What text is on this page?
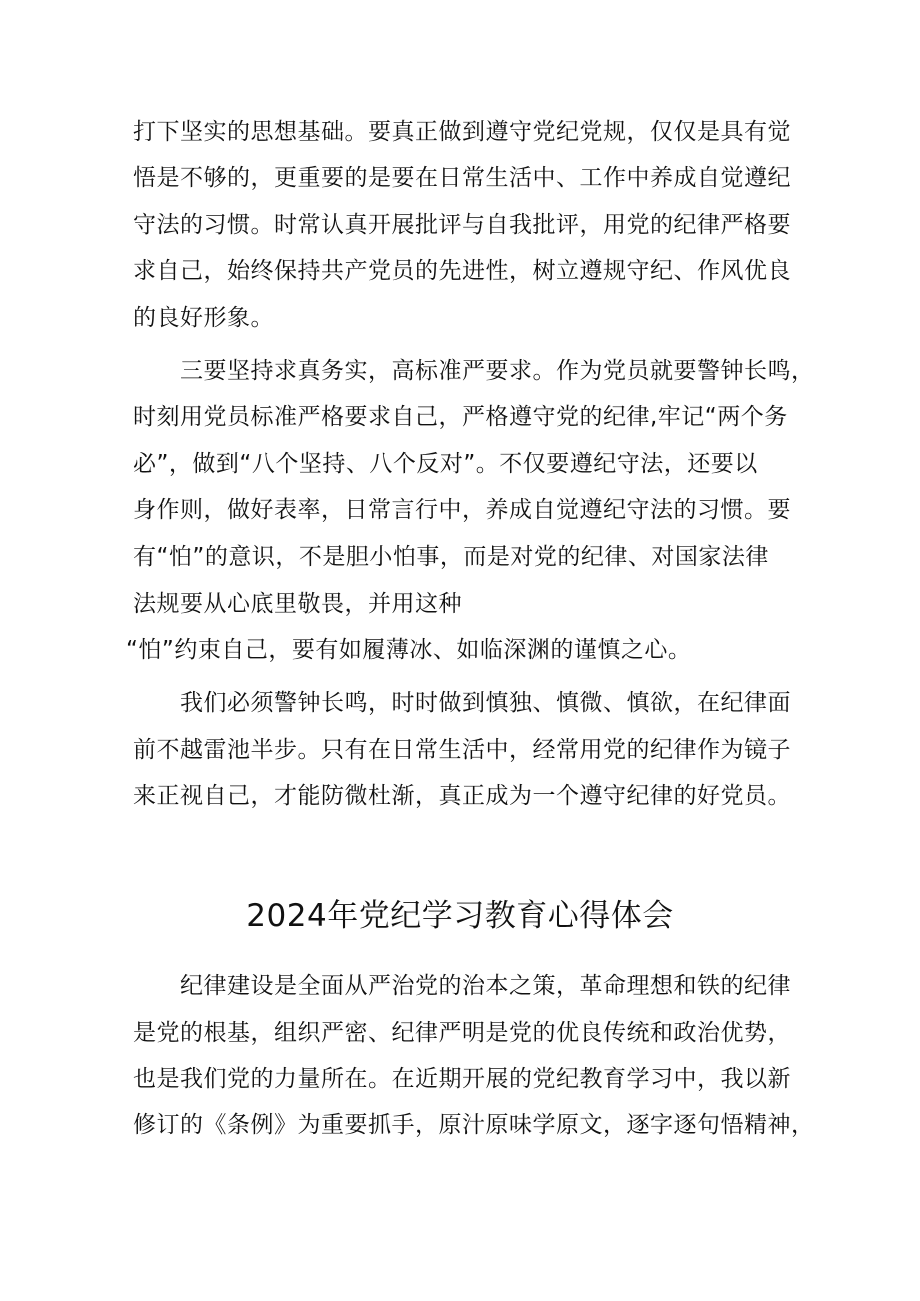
打下坚实的思想基础。要真正做到遵守党纪党规，仅仅是具有觉
悟是不够的，更重要的是要在日常生活中、工作中养成自觉遵纪
守法的习惯。时常认真开展批评与自我批评，用党的纪律严格要
求自己，始终保持共产党员的先进性，树立遵规守纪、作风优良
的良好形象。
三要坚持求真务实，高标准严要求。作为党员就要警钟长鸣，
时刻用党员标准严格要求自己，严格遵守党的纪律,牢记“两个务
必”，做到“八个坚持、八个反对”。不仅要遵纪守法，还要以
身作则，做好表率，日常言行中，养成自觉遵纪守法的习惯。要
有“怕”的意识，不是胆小怕事，而是对党的纪律、对国家法律
法规要从心底里敬畏，并用这种
“怕”约束自己，要有如履薄冰、如临深渊的谨慎之心。
我们必须警钟长鸣，时时做到慎独、慎微、慎欲，在纪律面
前不越雷池半步。只有在日常生活中，经常用党的纪律作为镜子
来正视自己，才能防微杜渐，真正成为一个遵守纪律的好党员。
2024年党纪学习教育心得体会
纪律建设是全面从严治党的治本之策，革命理想和铁的纪律
是党的根基，组织严密、纪律严明是党的优良传统和政治优势，
也是我们党的力量所在。在近期开展的党纪教育学习中，我以新
修订的《条例》为重要抓手，原汁原味学原文，逐字逐句悟精神，
